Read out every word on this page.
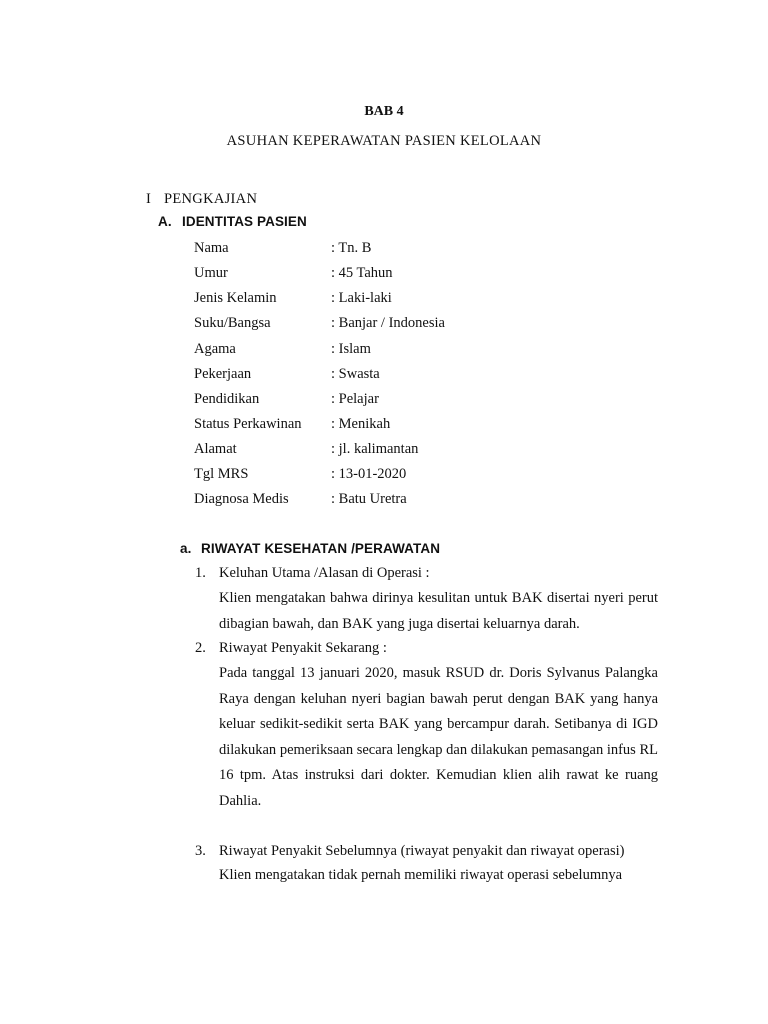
BAB 4
ASUHAN KEPERAWATAN PASIEN KELOLAAN
I PENGKAJIAN
A. IDENTITAS PASIEN
Nama	: Tn. B
Umur	: 45 Tahun
Jenis Kelamin	: Laki-laki
Suku/Bangsa	: Banjar / Indonesia
Agama	: Islam
Pekerjaan	: Swasta
Pendidikan	: Pelajar
Status Perkawinan : Menikah
Alamat	: jl. kalimantan
Tgl MRS	: 13-01-2020
Diagnosa Medis	: Batu Uretra
a. RIWAYAT KESEHATAN /PERAWATAN
1. Keluhan Utama /Alasan di Operasi :
Klien mengatakan bahwa dirinya kesulitan untuk BAK disertai nyeri perut dibagian bawah, dan BAK yang juga disertai keluarnya darah.
2. Riwayat Penyakit Sekarang :
Pada tanggal 13 januari 2020, masuk RSUD dr. Doris Sylvanus Palangka Raya dengan keluhan nyeri bagian bawah perut dengan BAK yang hanya keluar sedikit-sedikit serta BAK yang bercampur darah. Setibanya di IGD dilakukan pemeriksaan secara lengkap dan dilakukan pemasangan infus RL 16 tpm. Atas instruksi dari dokter. Kemudian klien alih rawat ke ruang Dahlia.
3. Riwayat Penyakit Sebelumnya (riwayat penyakit dan riwayat operasi)
Klien mengatakan tidak pernah memiliki riwayat operasi sebelumnya
